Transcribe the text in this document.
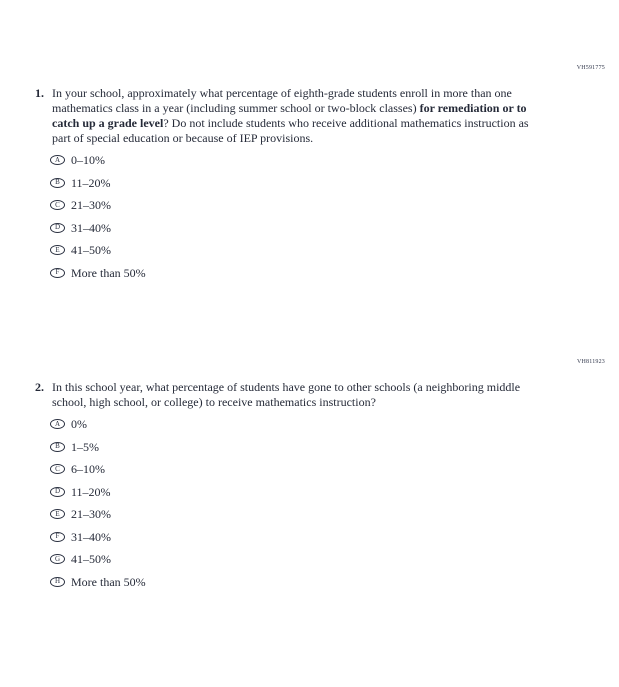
VH591775
1. In your school, approximately what percentage of eighth-grade students enroll in more than one mathematics class in a year (including summer school or two-block classes) for remediation or to catch up a grade level? Do not include students who receive additional mathematics instruction as part of special education or because of IEP provisions.

A 0–10%
B 11–20%
C 21–30%
D 31–40%
E 41–50%
F More than 50%
VH811923
2. In this school year, what percentage of students have gone to other schools (a neighboring middle school, high school, or college) to receive mathematics instruction?

A 0%
B 1–5%
C 6–10%
D 11–20%
E 21–30%
F 31–40%
G 41–50%
H More than 50%
